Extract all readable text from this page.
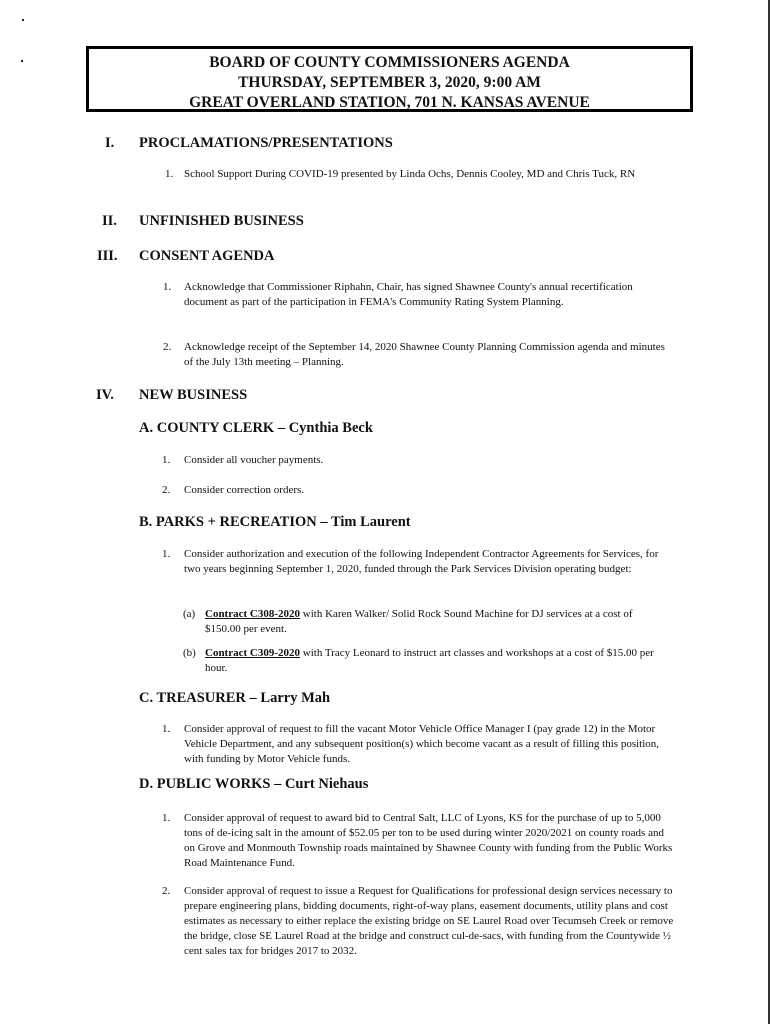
BOARD OF COUNTY COMMISSIONERS AGENDA
THURSDAY, SEPTEMBER 3, 2020, 9:00 AM
GREAT OVERLAND STATION, 701 N. KANSAS AVENUE
I. PROCLAMATIONS/PRESENTATIONS
1. School Support During COVID-19 presented by Linda Ochs, Dennis Cooley, MD and Chris Tuck, RN
II. UNFINISHED BUSINESS
III. CONSENT AGENDA
1. Acknowledge that Commissioner Riphahn, Chair, has signed Shawnee County's annual recertification document as part of the participation in FEMA's Community Rating System Planning.
2. Acknowledge receipt of the September 14, 2020 Shawnee County Planning Commission agenda and minutes of the July 13th meeting – Planning.
IV. NEW BUSINESS
A. COUNTY CLERK – Cynthia Beck
1. Consider all voucher payments.
2. Consider correction orders.
B. PARKS + RECREATION – Tim Laurent
1. Consider authorization and execution of the following Independent Contractor Agreements for Services, for two years beginning September 1, 2020, funded through the Park Services Division operating budget:
(a) Contract C308-2020 with Karen Walker/ Solid Rock Sound Machine for DJ services at a cost of $150.00 per event.
(b) Contract C309-2020 with Tracy Leonard to instruct art classes and workshops at a cost of $15.00 per hour.
C. TREASURER – Larry Mah
1. Consider approval of request to fill the vacant Motor Vehicle Office Manager I (pay grade 12) in the Motor Vehicle Department, and any subsequent position(s) which become vacant as a result of filling this position, with funding by Motor Vehicle funds.
D. PUBLIC WORKS – Curt Niehaus
1. Consider approval of request to award bid to Central Salt, LLC of Lyons, KS for the purchase of up to 5,000 tons of de-icing salt in the amount of $52.05 per ton to be used during winter 2020/2021 on county roads and on Grove and Monmouth Township roads maintained by Shawnee County with funding from the Public Works Road Maintenance Fund.
2. Consider approval of request to issue a Request for Qualifications for professional design services necessary to prepare engineering plans, bidding documents, right-of-way plans, easement documents, utility plans and cost estimates as necessary to either replace the existing bridge on SE Laurel Road over Tecumseh Creek or remove the bridge, close SE Laurel Road at the bridge and construct cul-de-sacs, with funding from the Countywide ½ cent sales tax for bridges 2017 to 2032.
